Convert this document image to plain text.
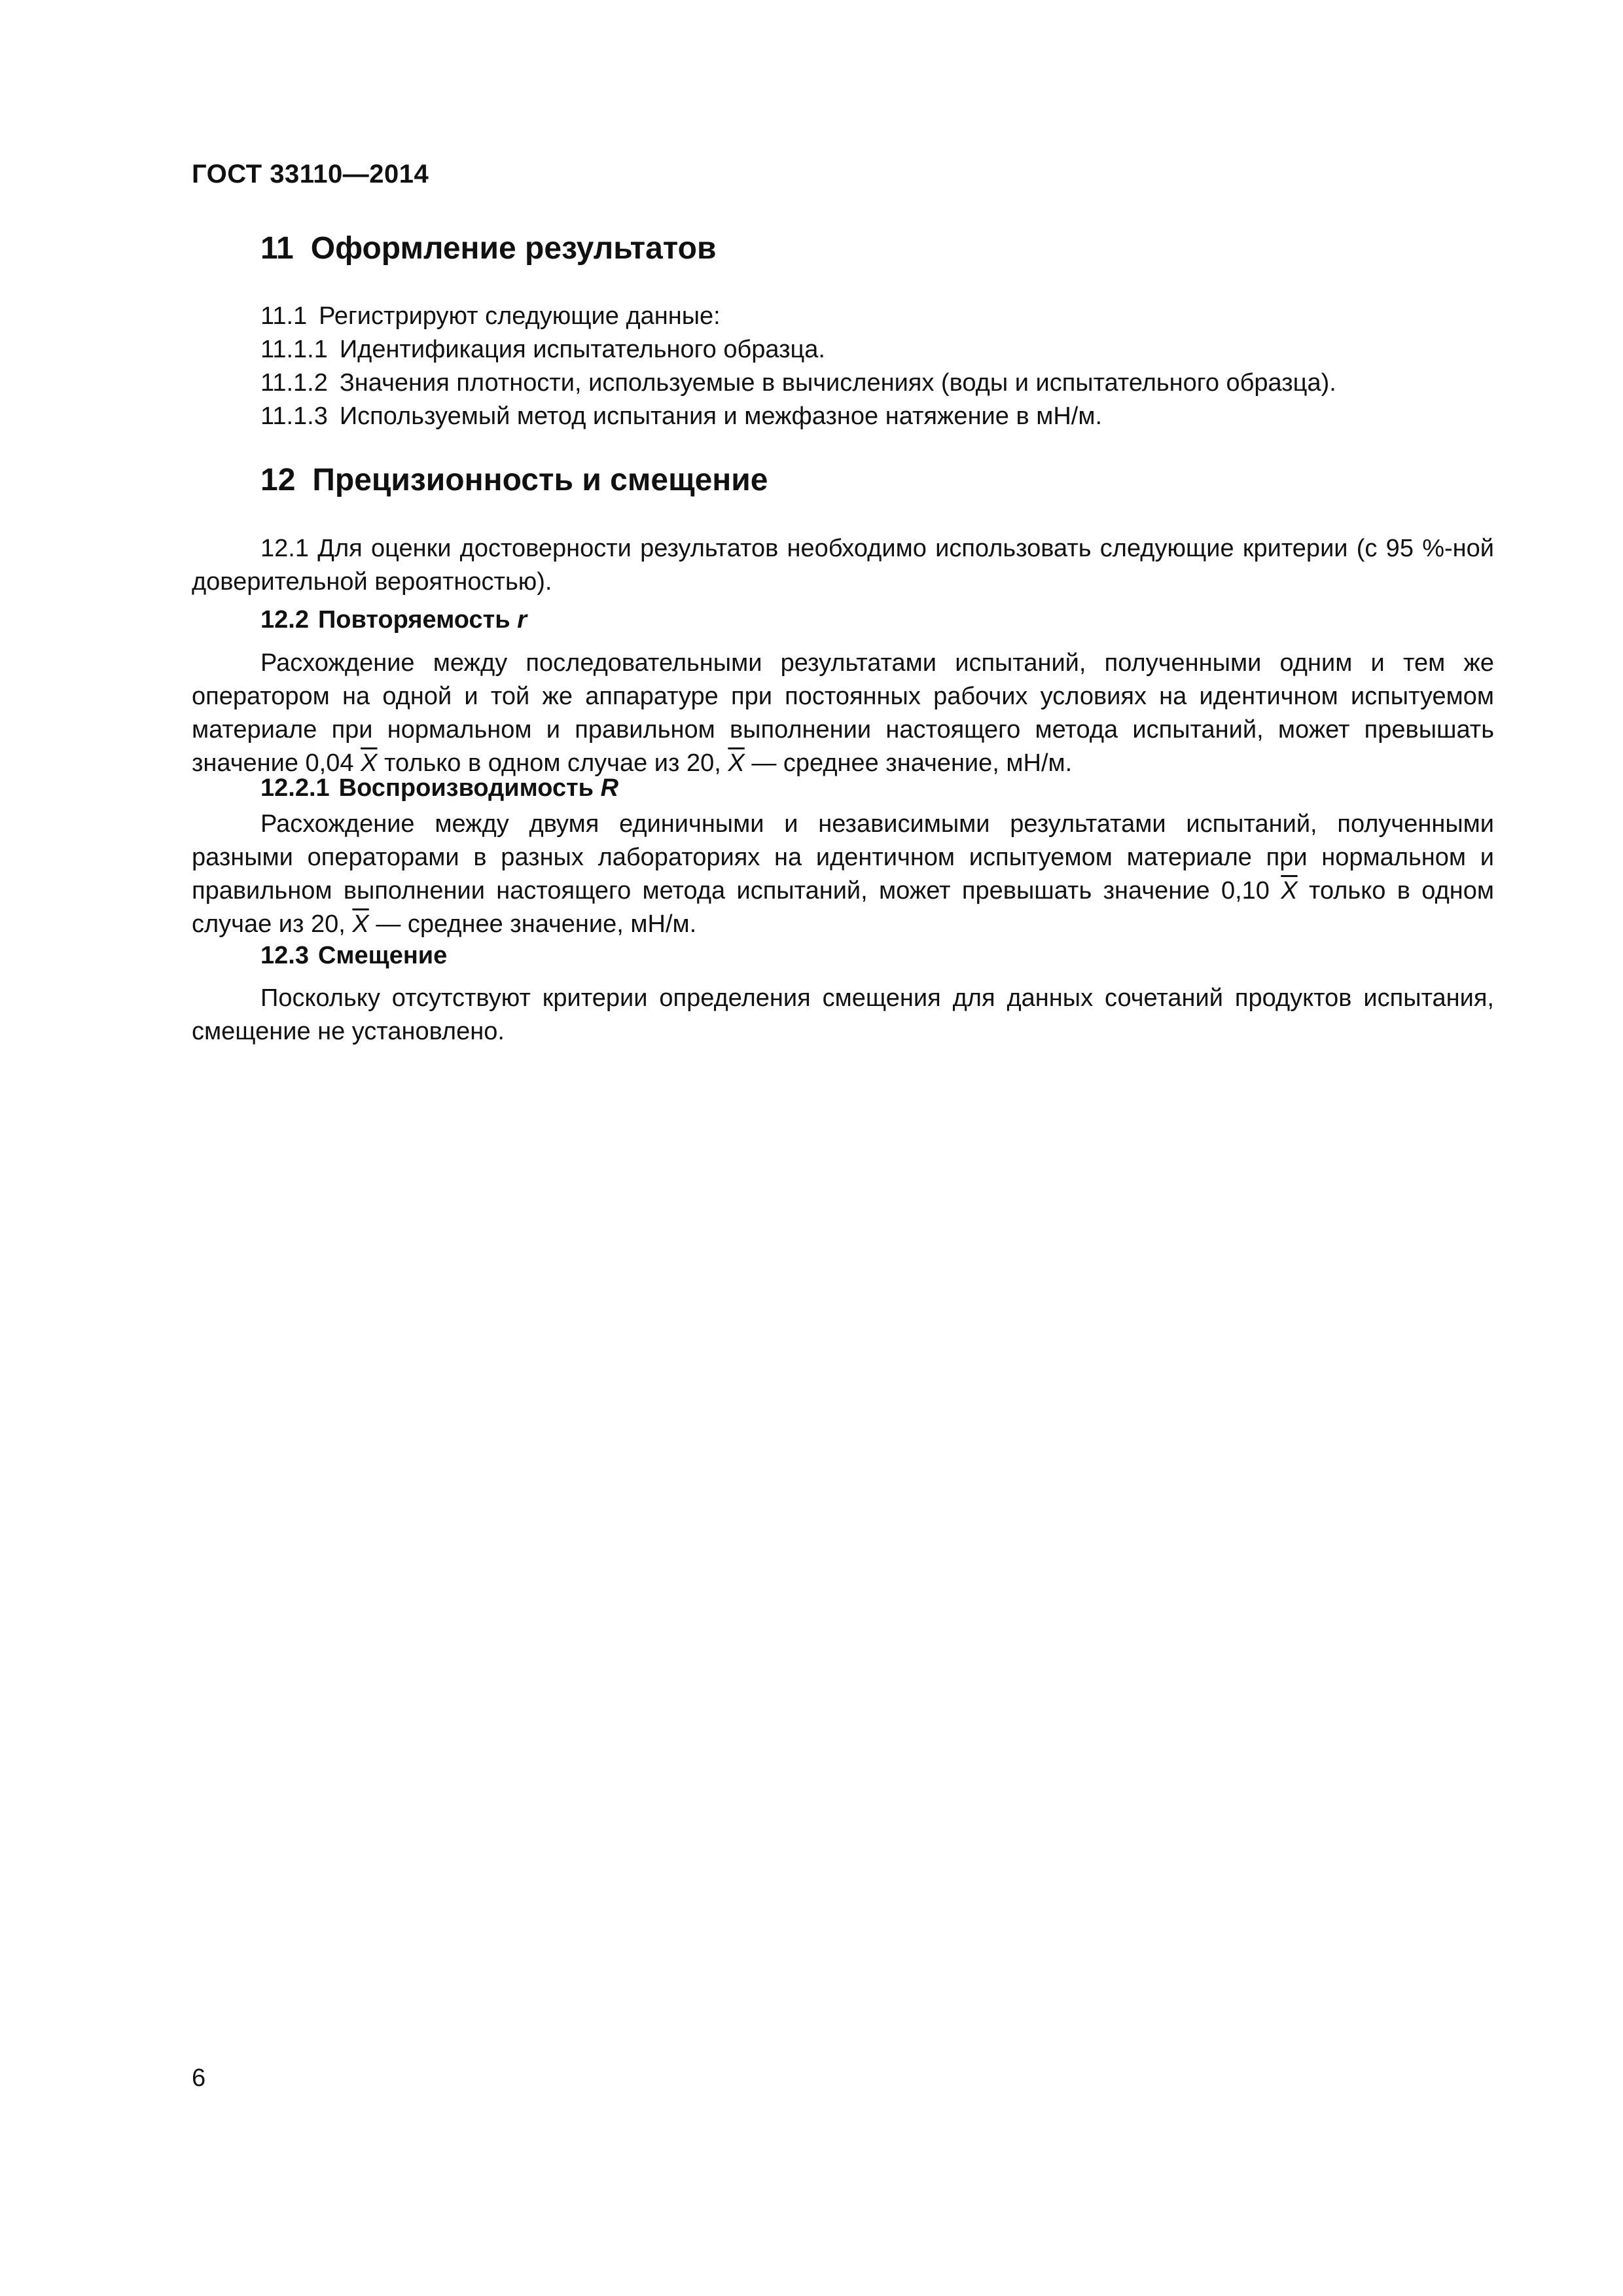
ГОСТ 33110—2014
11 Оформление результатов
11.1 Регистрируют следующие данные:
11.1.1 Идентификация испытательного образца.
11.1.2 Значения плотности, используемые в вычислениях (воды и испытательного образца).
11.1.3 Используемый метод испытания и межфазное натяжение в мН/м.
12 Прецизионность и смещение

12.1 Для оценки достоверности результатов необходимо использовать следующие критерии (с 95 %-ной доверительной вероятностью).

12.2 Повторяемость r

Расхождение между последовательными результатами испытаний, полученными одним и тем же оператором на одной и той же аппаратуре при постоянных рабочих условиях на идентичном испытуемом материале при нормальном и правильном выполнении настоящего метода испытаний, может превышать значение 0,04 $\overline{X}$ только в одном случае из 20, $\overline{X}$ — среднее значение, мН/м.

12.2.1 Воспроизводимость R

Расхождение между двумя единичными и независимыми результатами испытаний, полученными разными операторами в разных лабораториях на идентичном испытуемом материале при нормальном и правильном выполнении настоящего метода испытаний, может превышать значение 0,10 $\overline{X}$ только в одном случае из 20, $\overline{X}$ — среднее значение, мН/м.

12.3 Смещение

Поскольку отсутствуют критерии определения смещения для данных сочетаний продуктов испытания, смещение не установлено.

6
